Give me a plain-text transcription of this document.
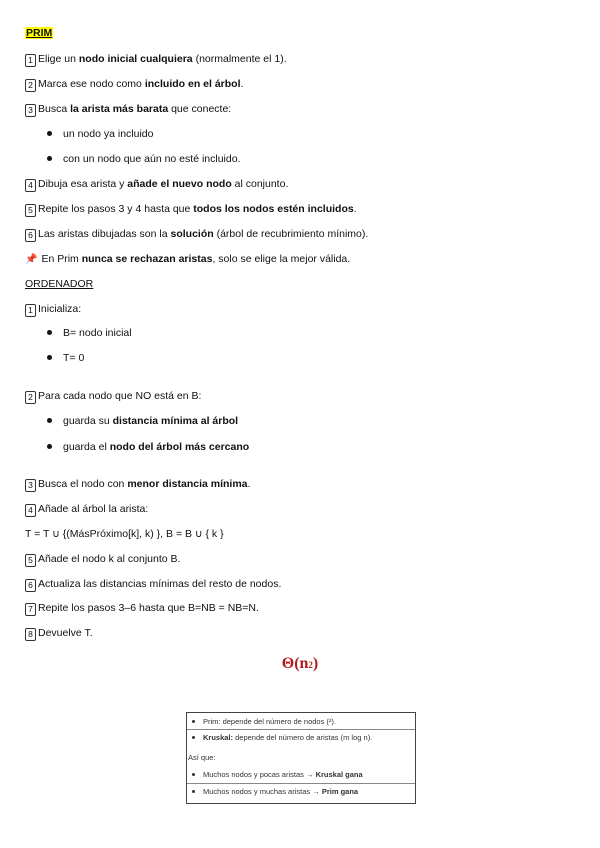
PRIM
1 Elige un nodo inicial cualquiera (normalmente el 1).
2 Marca ese nodo como incluido en el árbol.
3 Busca la arista más barata que conecte:
un nodo ya incluido
con un nodo que aún no esté incluido.
4 Dibuja esa arista y añade el nuevo nodo al conjunto.
5 Repite los pasos 3 y 4 hasta que todos los nodos estén incluidos.
6 Las aristas dibujadas son la solución (árbol de recubrimiento mínimo).
📌 En Prim nunca se rechazan aristas, solo se elige la mejor válida.
ORDENADOR
1 Inicializa:
B= nodo inicial
T= 0
2 Para cada nodo que NO está en B:
guarda su distancia mínima al árbol
guarda el nodo del árbol más cercano
3 Busca el nodo con menor distancia mínima.
4 Añade al árbol la arista:
T = T ∪ {(MásPróximo[k], k) }, B = B ∪ { k }
5 Añade el nodo k al conjunto B.
6 Actualiza las distancias mínimas del resto de nodos.
7 Repite los pasos 3–6 hasta que B=NB = NB=N.
8 Devuelve T.
Θ(n2)
Prim: depende del número de nodos (²).
Kruskal: depende del número de aristas (m log n).
Así que:
Muchos nodos y pocas aristas → Kruskal gana
Muchos nodos y muchas aristas → Prim gana
